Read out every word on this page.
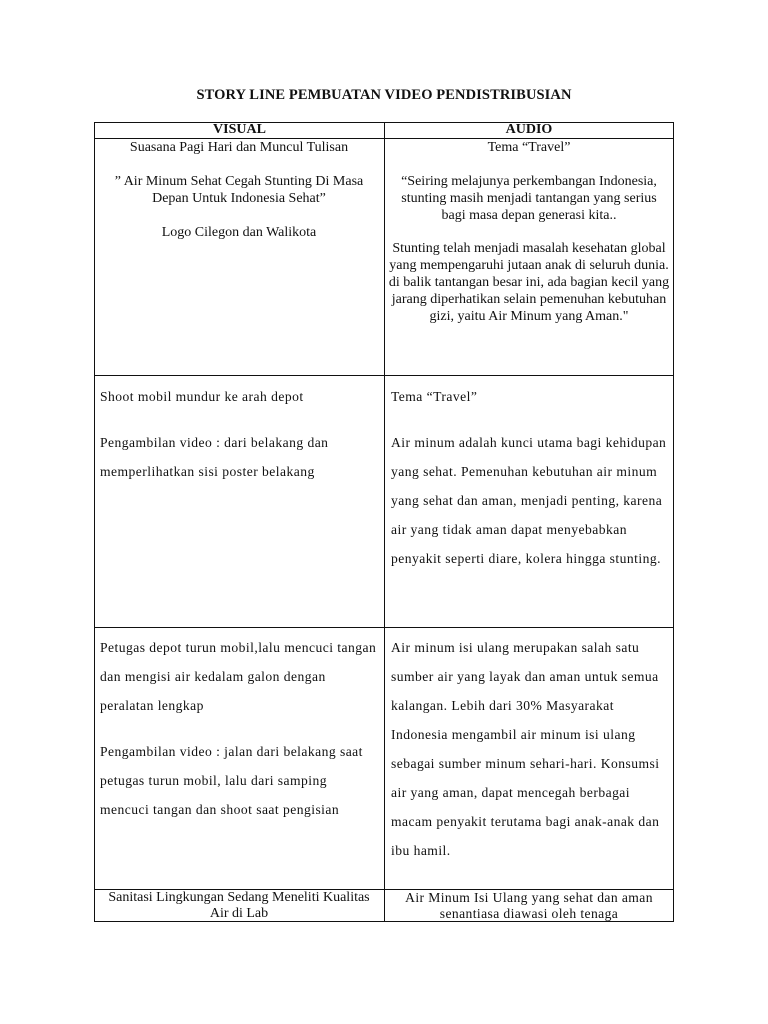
STORY LINE PEMBUATAN VIDEO PENDISTRIBUSIAN
VISUAL	AUDIO

Suasana Pagi Hari dan Muncul Tulisan

” Air Minum Sehat Cegah Stunting Di Masa Depan Untuk Indonesia Sehat”

Logo Cilegon dan Walikota

Tema “Travel”

“Seiring melajunya perkembangan Indonesia, stunting masih menjadi tantangan yang serius bagi masa depan generasi kita..

Stunting telah menjadi masalah kesehatan global yang mempengaruhi jutaan anak di seluruh dunia. di balik tantangan besar ini, ada bagian kecil yang jarang diperhatikan selain pemenuhan kebutuhan gizi, yaitu Air Minum yang Aman."

Shoot mobil mundur ke arah depot

Pengambilan video : dari belakang dan memperlihatkan sisi poster belakang

Tema “Travel”

Air minum adalah kunci utama bagi kehidupan yang sehat. Pemenuhan kebutuhan air minum yang sehat dan aman, menjadi penting, karena air yang tidak aman dapat menyebabkan penyakit seperti diare, kolera hingga stunting.

Petugas depot turun mobil,lalu mencuci tangan dan mengisi air kedalam galon dengan peralatan lengkap

Pengambilan video : jalan dari belakang saat petugas turun mobil, lalu dari samping mencuci tangan dan shoot saat pengisian

Air minum isi ulang merupakan salah satu sumber air yang layak dan aman untuk semua kalangan. Lebih dari 30% Masyarakat Indonesia mengambil air minum isi ulang sebagai sumber minum sehari-hari. Konsumsi air yang aman, dapat mencegah berbagai macam penyakit terutama bagi anak-anak dan ibu hamil.

Sanitasi Lingkungan Sedang Meneliti Kualitas Air di Lab

Air Minum Isi Ulang yang sehat dan aman senantiasa diawasi oleh tenaga
